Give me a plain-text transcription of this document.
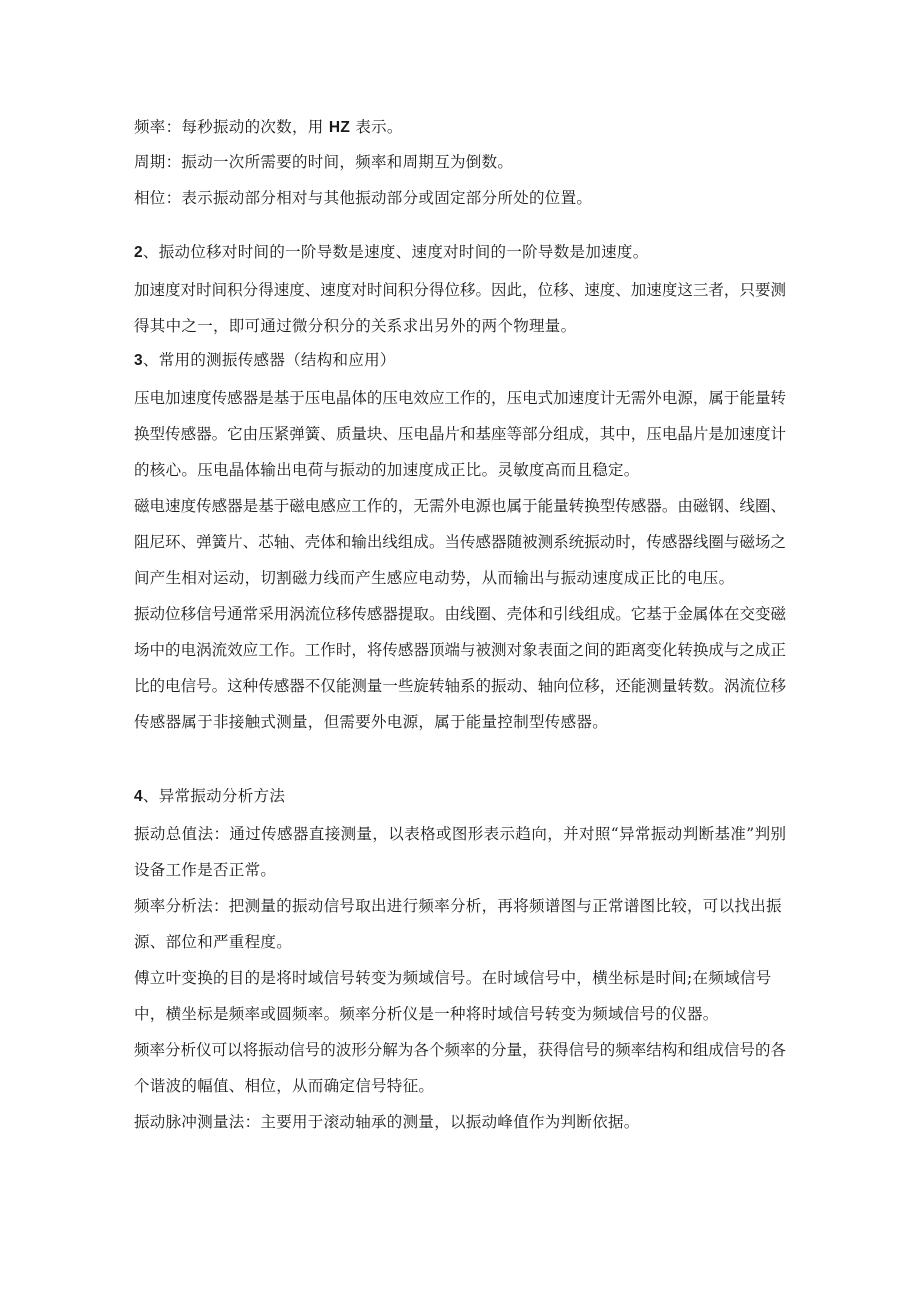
频率：每秒振动的次数，用 HZ 表示。
周期：振动一次所需要的时间，频率和周期互为倒数。
相位：表示振动部分相对与其他振动部分或固定部分所处的位置。
2、振动位移对时间的一阶导数是速度、速度对时间的一阶导数是加速度。
加速度对时间积分得速度、速度对时间积分得位移。因此，位移、速度、加速度这三者，只要测
得其中之一，即可通过微分积分的关系求出另外的两个物理量。
3、常用的测振传感器（结构和应用）
压电加速度传感器是基于压电晶体的压电效应工作的，压电式加速度计无需外电源，属于能量转
换型传感器。它由压紧弹簧、质量块、压电晶片和基座等部分组成，其中，压电晶片是加速度计
的核心。压电晶体输出电荷与振动的加速度成正比。灵敏度高而且稳定。
磁电速度传感器是基于磁电感应工作的，无需外电源也属于能量转换型传感器。由磁钢、线圈、
阻尼环、弹簧片、芯轴、壳体和输出线组成。当传感器随被测系统振动时，传感器线圈与磁场之
间产生相对运动，切割磁力线而产生感应电动势，从而输出与振动速度成正比的电压。
振动位移信号通常采用涡流位移传感器提取。由线圈、壳体和引线组成。它基于金属体在交变磁
场中的电涡流效应工作。工作时，将传感器顶端与被测对象表面之间的距离变化转换成与之成正
比的电信号。这种传感器不仅能测量一些旋转轴系的振动、轴向位移，还能测量转数。涡流位移
传感器属于非接触式测量，但需要外电源，属于能量控制型传感器。
4、异常振动分析方法
振动总值法：通过传感器直接测量，以表格或图形表示趋向，并对照“异常振动判断基准”判别
设备工作是否正常。
频率分析法：把测量的振动信号取出进行频率分析，再将频谱图与正常谱图比较，可以找出振
源、部位和严重程度。
傅立叶变换的目的是将时域信号转变为频域信号。在时域信号中，横坐标是时间;在频域信号
中，横坐标是频率或圆频率。频率分析仪是一种将时域信号转变为频域信号的仪器。
频率分析仪可以将振动信号的波形分解为各个频率的分量，获得信号的频率结构和组成信号的各
个谐波的幅值、相位，从而确定信号特征。
振动脉冲测量法：主要用于滚动轴承的测量，以振动峰值作为判断依据。
